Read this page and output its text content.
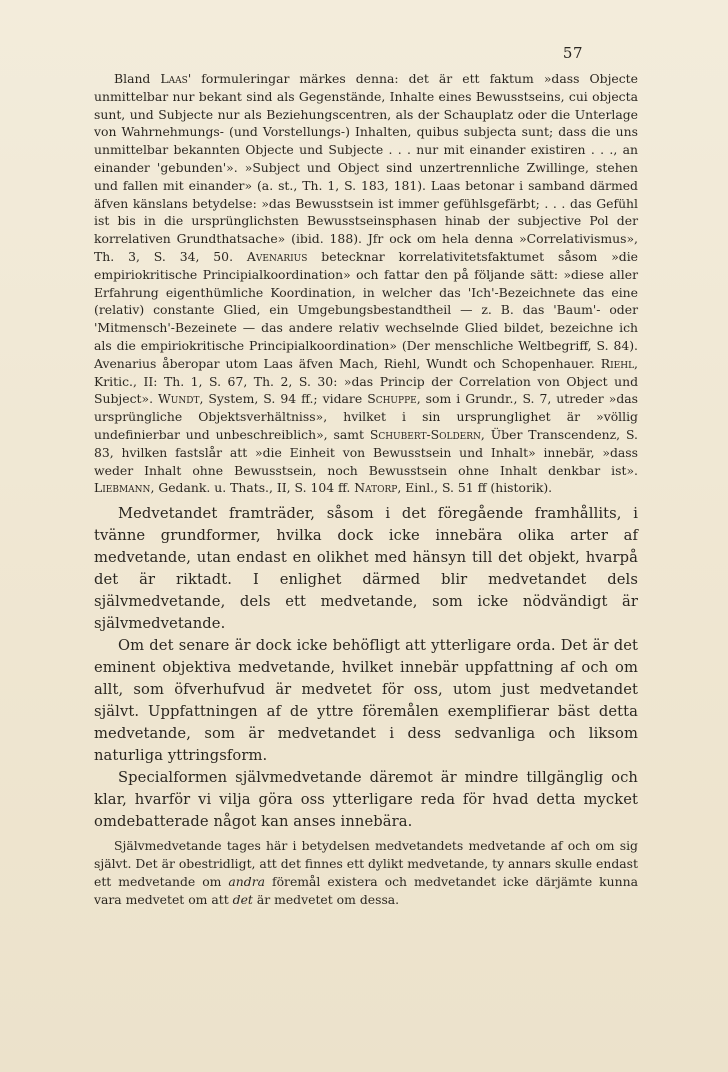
57

Bland Laas' formuleringar märkes denna: det är ett faktum »dass Objecte unmittelbar nur bekant sind als Gegenstände, Inhalte eines Bewusstseins, cui objecta sunt, und Subjecte nur als Beziehungscentren, als der Schauplatz oder die Unterlage von Wahrnehmungs- (und Vorstellungs-) Inhalten, quibus subjecta sunt; dass die uns unmittelbar bekannten Objecte und Subjecte . . . nur mit einander existiren . . ., an einander 'gebunden'». »Subject und Object sind unzertrennliche Zwillinge, stehen und fallen mit einander» (a. st., Th. 1, S. 183, 181). Laas betonar i samband därmed äfven känslans betydelse: »das Bewusstsein ist immer gefühlsgefärbt; . . . das Gefühl ist bis in die ursprünglichsten Bewusstseinsphasen hinab der subjective Pol der korrelativen Grundthatsache» (ibid. 188). Jfr ock om hela denna »Correlativismus», Th. 3, S. 34, 50. Avenarius betecknar korrelativitetsfaktumet såsom »die empiriokritische Principialkoordination» och fattar den på följande sätt: »diese aller Erfahrung eigenthümliche Koordination, in welcher das 'Ich'-Bezeichnete das eine (relativ) constante Glied, ein Umgebungsbestandtheil — z. B. das 'Baum'- oder 'Mitmensch'-Bezeinete — das andere relativ wechselnde Glied bildet, bezeichne ich als die empiriokritische Principialkoordination» (Der menschliche Weltbegriff, S. 84). Avenarius åberopar utom Laas äfven Mach, Riehl, Wundt och Schopenhauer. Riehl, Kritic., II: Th. 1, S. 67, Th. 2, S. 30: »das Princip der Correlation von Object und Subject». Wundt, System, S. 94 ff.; vidare Schuppe, som i Grundr., S. 7, utreder »das ursprüngliche Objektsverhältniss», hvilket i sin ursprunglighet är »völlig undefinierbar und unbeschreiblich», samt Schubert-Soldern, Über Transcendenz, S. 83, hvilken fastslår att »die Einheit von Bewusstsein und Inhalt» innebär, »dass weder Inhalt ohne Bewusstsein, noch Bewusstsein ohne Inhalt denkbar ist». Liebmann, Gedank. u. Thats., II, S. 104 ff. Natorp, Einl., S. 51 ff (historik).

Medvetandet framträder, såsom i det föregående framhållits, i tvänne grundformer, hvilka dock icke innebära olika arter af medvetande, utan endast en olikhet med hänsyn till det objekt, hvarpå det är riktadt. I enlighet därmed blir medvetandet dels självmedvetande, dels ett medvetande, som icke nödvändigt är självmedvetande.

Om det senare är dock icke behöfligt att ytterligare orda. Det är det eminent objektiva medvetande, hvilket innebär uppfattning af och om allt, som öfverhufvud är medvetet för oss, utom just medvetandet självt. Uppfattningen af de yttre föremålen exemplifierar bäst detta medvetande, som är medvetandet i dess sedvanliga och liksom naturliga yttringsform.

Specialformen självmedvetande däremot är mindre tillgänglig och klar, hvarför vi vilja göra oss ytterligare reda för hvad detta mycket omdebatterade något kan anses innebära.

Självmedvetande tages här i betydelsen medvetandets medvetande af och om sig självt. Det är obestridligt, att det finnes ett dylikt medvetande, ty annars skulle endast ett medvetande om andra föremål existera och medvetandet icke därjämte kunna vara medvetet om att det är medvetet om dessa.
